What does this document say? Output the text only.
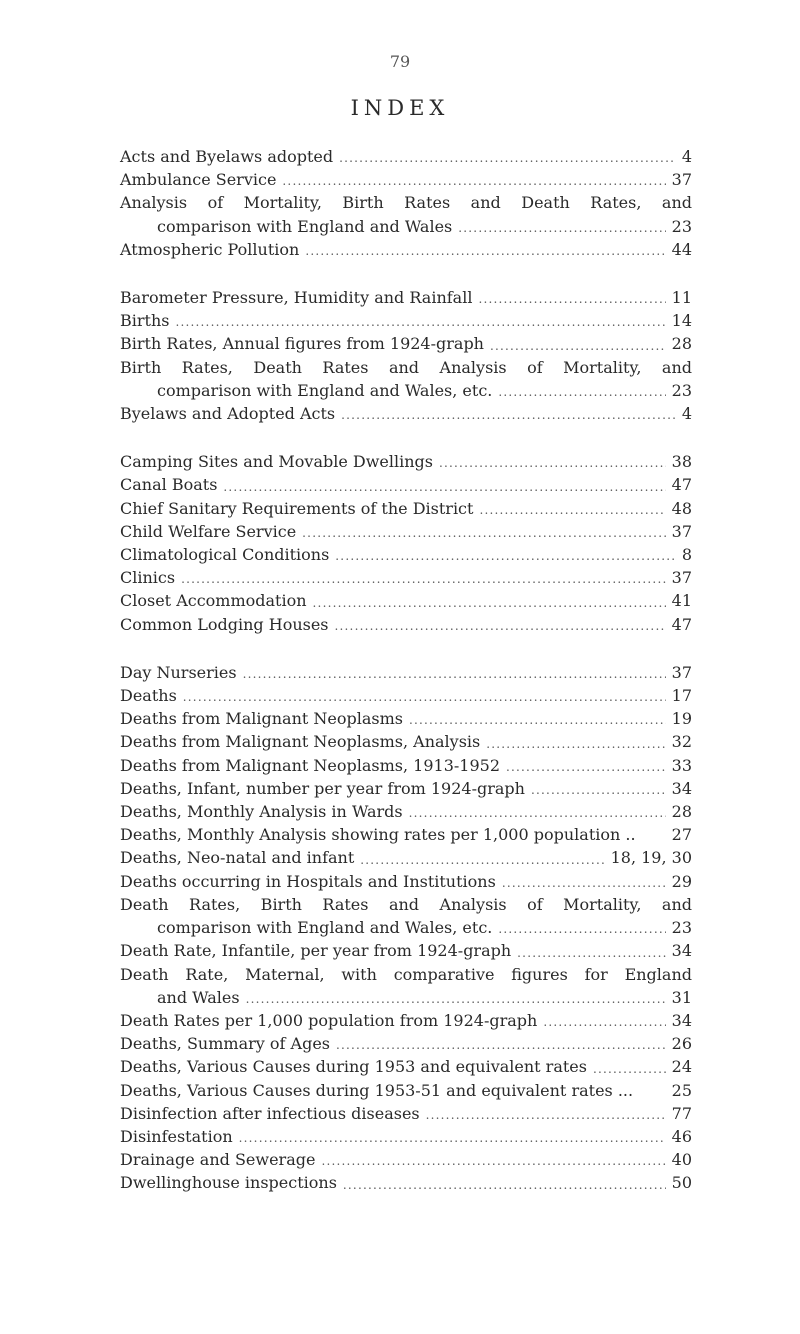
79
INDEX
Acts and Byelaws adopted .....	4
Ambulance Service .....	37
Analysis of Mortality, Birth Rates and Death Rates, and
comparison with England and Wales .....	23
Atmospheric Pollution .....	44
Barometer Pressure, Humidity and Rainfall .....	11
Births .....	14
Birth Rates, Annual figures from 1924-graph .....	28
Birth Rates, Death Rates and Analysis of Mortality, and
comparison with England and Wales, etc. .....	23
Byelaws and Adopted Acts .....	4
Camping Sites and Movable Dwellings .....	38
Canal Boats .....	47
Chief Sanitary Requirements of the District .....	48
Child Welfare Service .....	37
Climatological Conditions .....	8
Clinics .....	37
Closet Accommodation .....	41
Common Lodging Houses .....	47
Day Nurseries .....	37
Deaths .....	17
Deaths from Malignant Neoplasms .....	19
Deaths from Malignant Neoplasms, Analysis .....	32
Deaths from Malignant Neoplasms, 1913-1952 .....	33
Deaths, Infant, number per year from 1924-graph .....	34
Deaths, Monthly Analysis in Wards .....	28
Deaths, Monthly Analysis showing rates per 1,000 population .. 27
Deaths, Neo-natal and infant .....	18, 19, 30
Deaths occurring in Hospitals and Institutions .....	29
Death Rates, Birth Rates and Analysis of Mortality, and
comparison with England and Wales, etc. .....	23
Death Rate, Infantile, per year from 1924-graph .....	34
Death Rate, Maternal, with comparative figures for England
and Wales .....	31
Death Rates per 1,000 population from 1924-graph .....	34
Deaths, Summary of Ages .....	26
Deaths, Various Causes during 1953 and equivalent rates .....	24
Deaths, Various Causes during 1953-51 and equivalent rates ... 25
Disinfection after infectious diseases .....	77
Disinfestation .....	46
Drainage and Sewerage .....	40
Dwellinghouse inspections .....	50
